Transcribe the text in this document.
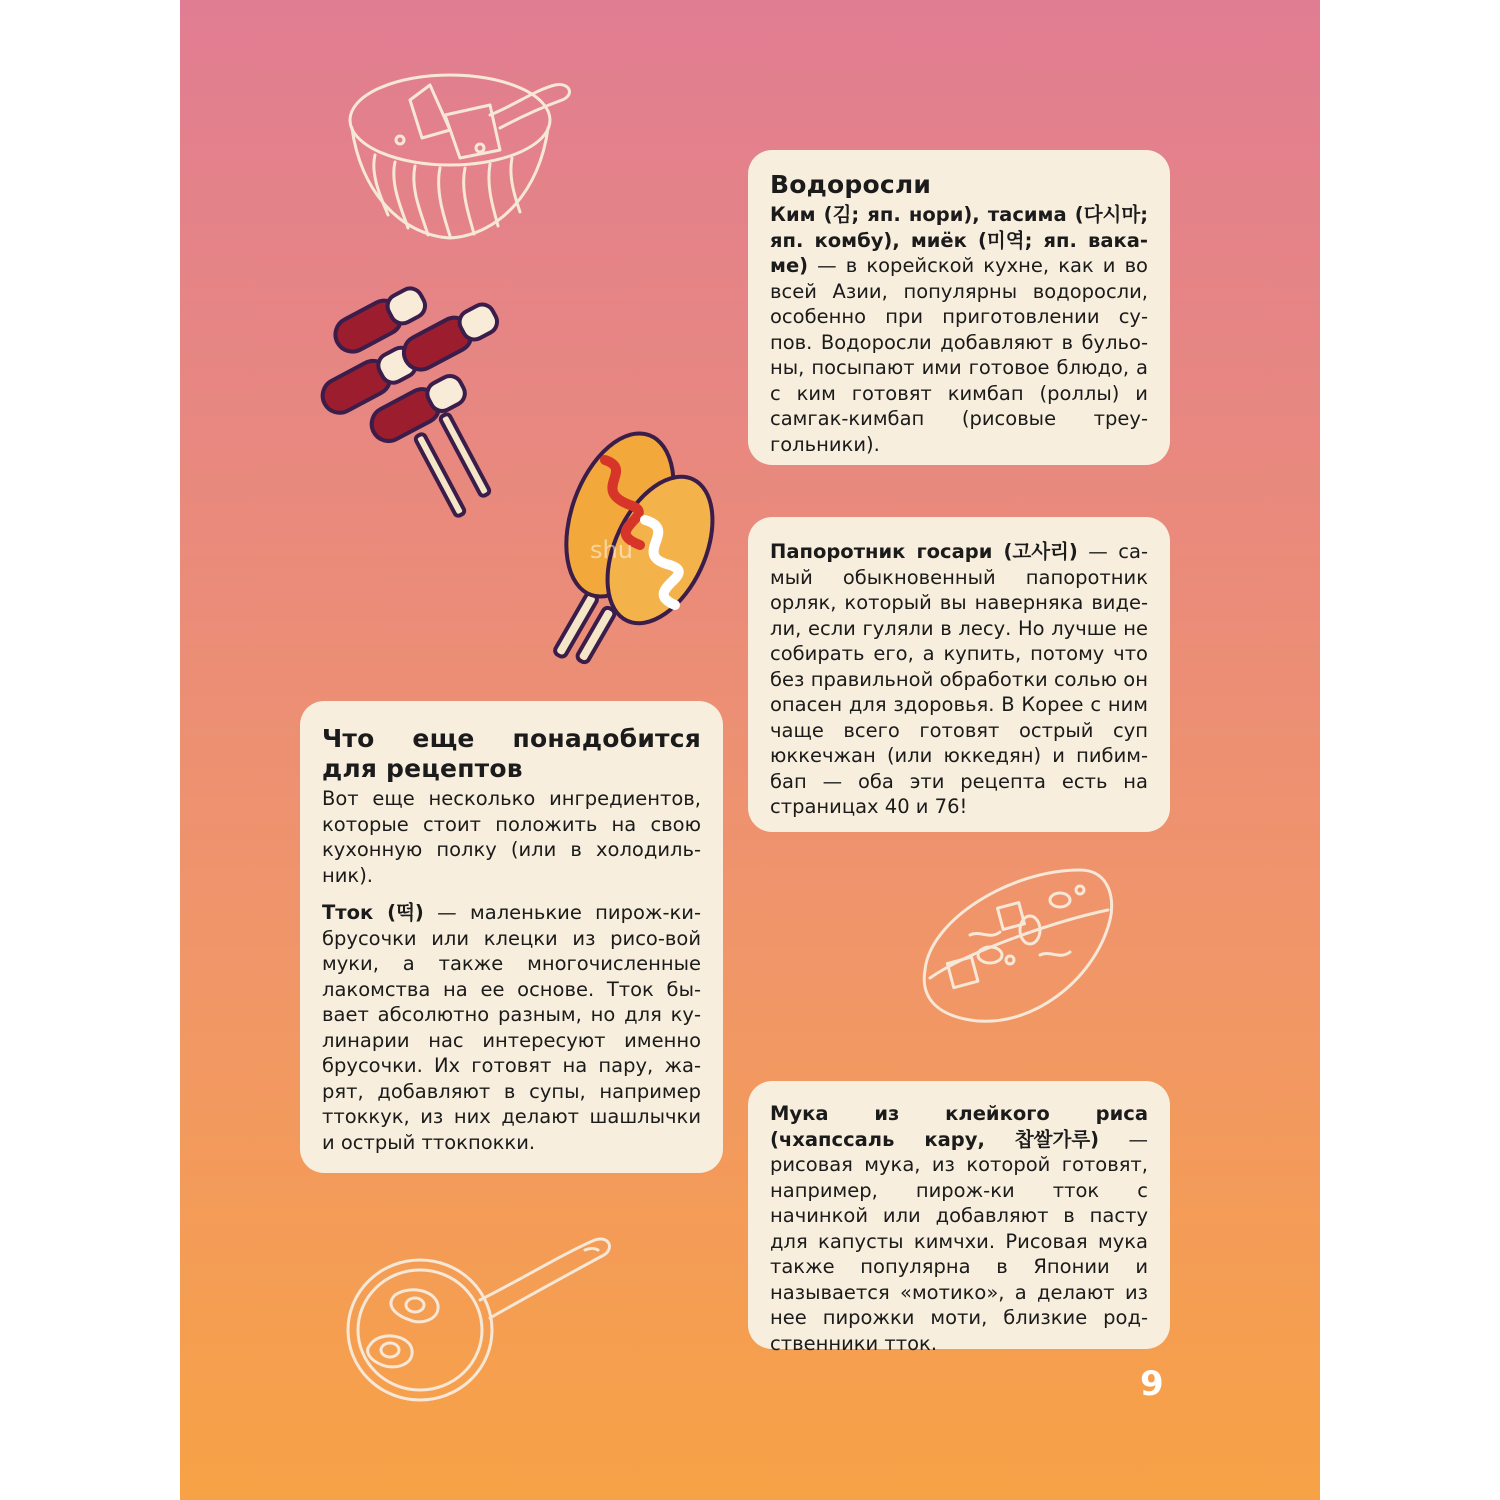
shu
Водоросли

Ким (김; яп. нори), тасима (다시마; яп. комбу), миёк (미역; яп. вака- ме) — в корейской кухне, как и во всей Азии, популярны водоросли, особенно при приготовлении су-пов. Водоросли добавляют в бульо-ны, посыпают ими готовое блюдо, а с ким готовят кимбап (роллы) и самгак-кимбап (рисовые треу-гольники).

Папоротник госари (고사리) — са-мый обыкновенный папоротник орляк, который вы наверняка виде-ли, если гуляли в лесу. Но лучше не собирать его, а купить, потому что без правильной обработки солью он опасен для здоровья. В Корее с ним чаще всего готовят острый суп юккечжан (или юккедян) и пибим-бап — оба эти рецепта есть на страницах 40 и 76!

Что еще понадобится для рецептов

Вот еще несколько ингредиентов, которые стоит положить на свою кухонную полку (или в холодиль-ник).

Тток (떡) — маленькие пирож-ки-брусочки или клецки из рисо-вой муки, а также многочисленные лакомства на ее основе. Тток бы-вает абсолютно разным, но для ку-линарии нас интересуют именно брусочки. Их готовят на пару, жа-рят, добавляют в супы, например ттоккук, из них делают шашлычки и острый ттокпокки.

Мука из клейкого риса (чхапссаль кару, 찹쌀가루) — рисовая мука, из которой готовят, например, пирож-ки тток с начинкой или добавляют в пасту для капусты кимчхи. Рисовая мука также популярна в Японии и называется «мотико», а делают из нее пирожки моти, близкие род-ственники тток.

9
